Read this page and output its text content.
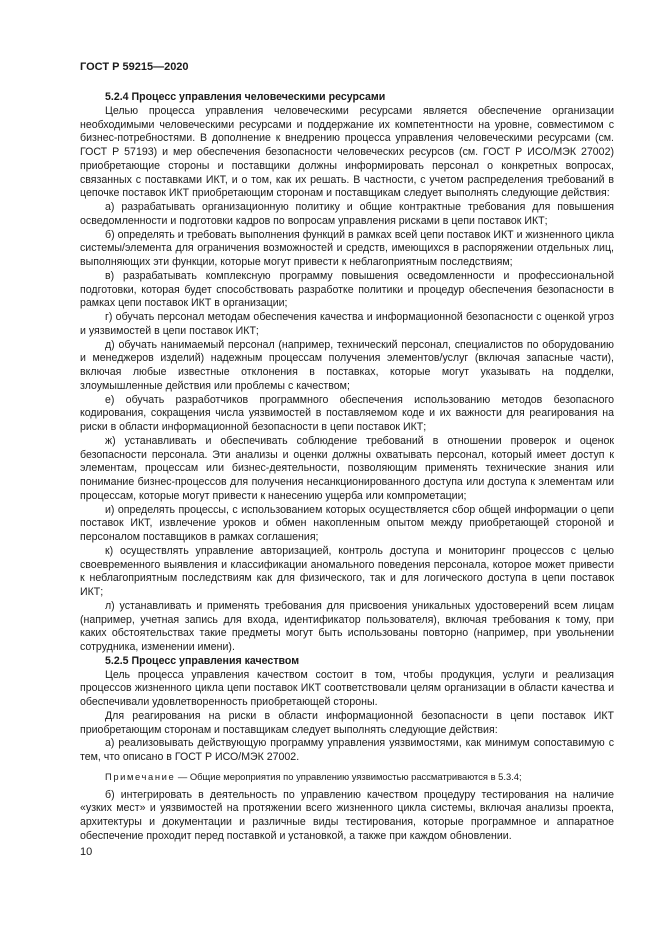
ГОСТ Р 59215—2020

5.2.4 Процесс управления человеческими ресурсами

Целью процесса управления человеческими ресурсами является обеспечение организации необходимыми человеческими ресурсами и поддержание их компетентности на уровне, совместимом с бизнес-потребностями. В дополнение к внедрению процесса управления человеческими ресурсами (см. ГОСТ Р 57193) и мер обеспечения безопасности человеческих ресурсов (см. ГОСТ Р ИСО/МЭК 27002) приобретающие стороны и поставщики должны информировать персонал о конкретных вопросах, связанных с поставками ИКТ, и о том, как их решать. В частности, с учетом распределения требований в цепочке поставок ИКТ приобретающим сторонам и поставщикам следует выполнять следующие действия:

а) разрабатывать организационную политику и общие контрактные требования для повышения осведомленности и подготовки кадров по вопросам управления рисками в цепи поставок ИКТ;

б) определять и требовать выполнения функций в рамках всей цепи поставок ИКТ и жизненного цикла системы/элемента для ограничения возможностей и средств, имеющихся в распоряжении отдельных лиц, выполняющих эти функции, которые могут привести к неблагоприятным последствиям;

в) разрабатывать комплексную программу повышения осведомленности и профессиональной подготовки, которая будет способствовать разработке политики и процедур обеспечения безопасности в рамках цепи поставок ИКТ в организации;

г) обучать персонал методам обеспечения качества и информационной безопасности с оценкой угроз и уязвимостей в цепи поставок ИКТ;

д) обучать нанимаемый персонал (например, технический персонал, специалистов по оборудованию и менеджеров изделий) надежным процессам получения элементов/услуг (включая запасные части), включая любые известные отклонения в поставках, которые могут указывать на подделки, злоумышленные действия или проблемы с качеством;

е) обучать разработчиков программного обеспечения использованию методов безопасного кодирования, сокращения числа уязвимостей в поставляемом коде и их важности для реагирования на риски в области информационной безопасности в цепи поставок ИКТ;

ж) устанавливать и обеспечивать соблюдение требований в отношении проверок и оценок безопасности персонала. Эти анализы и оценки должны охватывать персонал, который имеет доступ к элементам, процессам или бизнес-деятельности, позволяющим применять технические знания или понимание бизнес-процессов для получения несанкционированного доступа или доступа к элементам или процессам, которые могут привести к нанесению ущерба или компрометации;

и) определять процессы, с использованием которых осуществляется сбор общей информации о цепи поставок ИКТ, извлечение уроков и обмен накопленным опытом между приобретающей стороной и персоналом поставщиков в рамках соглашения;

к) осуществлять управление авторизацией, контроль доступа и мониторинг процессов с целью своевременного выявления и классификации аномального поведения персонала, которое может привести к неблагоприятным последствиям как для физического, так и для логического доступа в цепи поставок ИКТ;

л) устанавливать и применять требования для присвоения уникальных удостоверений всем лицам (например, учетная запись для входа, идентификатор пользователя), включая требования к тому, при каких обстоятельствах такие предметы могут быть использованы повторно (например, при увольнении сотрудника, изменении имени).

5.2.5 Процесс управления качеством

Цель процесса управления качеством состоит в том, чтобы продукция, услуги и реализация процессов жизненного цикла цепи поставок ИКТ соответствовали целям организации в области качества и обеспечивали удовлетворенность приобретающей стороны.

Для реагирования на риски в области информационной безопасности в цепи поставок ИКТ приобретающим сторонам и поставщикам следует выполнять следующие действия:

а) реализовывать действующую программу управления уязвимостями, как минимум сопоставимую с тем, что описано в ГОСТ Р ИСО/МЭК 27002.

Примечание — Общие мероприятия по управлению уязвимостью рассматриваются в 5.3.4;

б) интегрировать в деятельность по управлению качеством процедуру тестирования на наличие «узких мест» и уязвимостей на протяжении всего жизненного цикла системы, включая анализы проекта, архитектуры и документации и различные виды тестирования, которые программное и аппаратное обеспечение проходит перед поставкой и установкой, а также при каждом обновлении.

10
